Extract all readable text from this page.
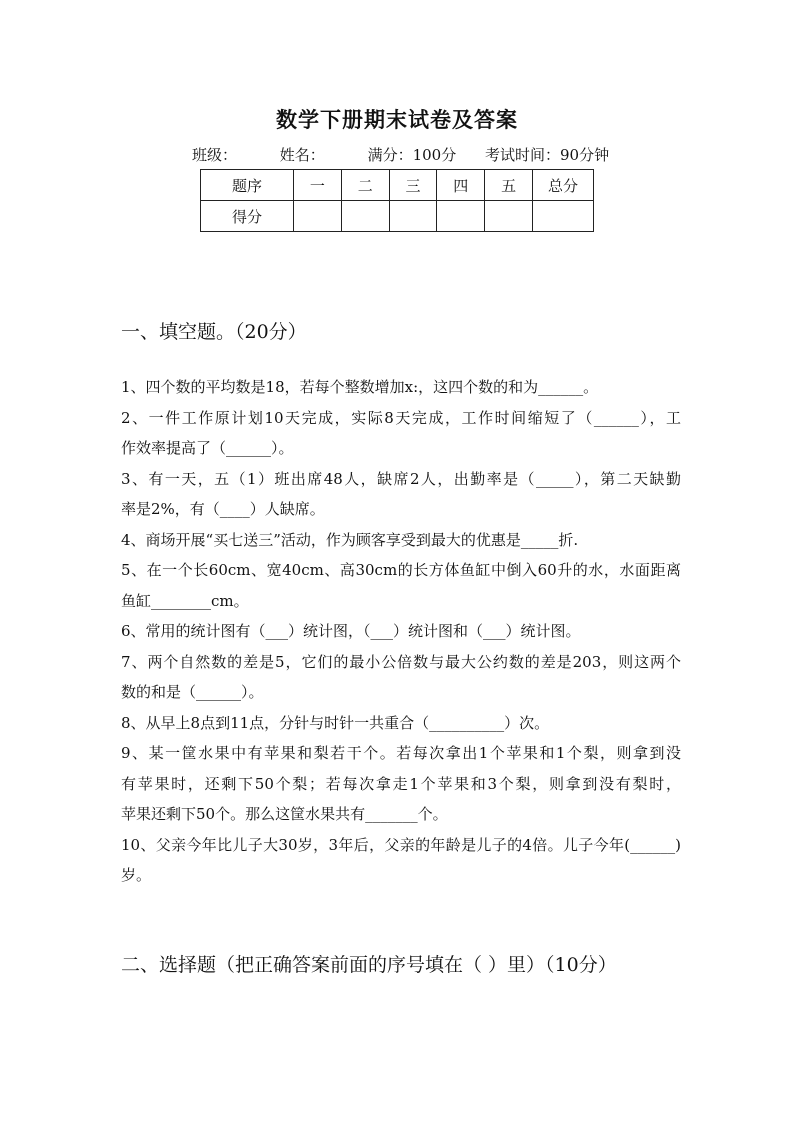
数学下册期末试卷及答案
班级：	姓名：	满分：100分 考试时间：90分钟
题序	一	二	三	四	五	总分
得分						
一、填空题。（20分）
1、四个数的平均数是18，若每个整数增加x:，这四个数的和为______。
2、一件工作原计划10天完成，实际8天完成，工作时间缩短了（______），工
作效率提高了（______）。
3、有一天，五（1）班出席48人，缺席2人，出勤率是（_____），第二天缺勤
率是2%，有（____）人缺席。
4、商场开展“买七送三”活动，作为顾客享受到最大的优惠是_____折.
5、在一个长60cm、宽40cm、高30cm的长方体鱼缸中倒入60升的水，水面距离
鱼缸________cm。
6、常用的统计图有（___）统计图，（___）统计图和（___）统计图。
7、两个自然数的差是5，它们的最小公倍数与最大公约数的差是203，则这两个
数的和是（______）。
8、从早上8点到11点，分针与时针一共重合（__________）次。
9、某一筐水果中有苹果和梨若干个。若每次拿出1个苹果和1个梨，则拿到没
有苹果时，还剩下50个梨；若每次拿走1个苹果和3个梨，则拿到没有梨时，
苹果还剩下50个。那么这筐水果共有_______个。
10、父亲今年比儿子大30岁，3年后，父亲的年龄是儿子的4倍。儿子今年(______)
岁。
二、选择题（把正确答案前面的序号填在（ ）里）（10分）
